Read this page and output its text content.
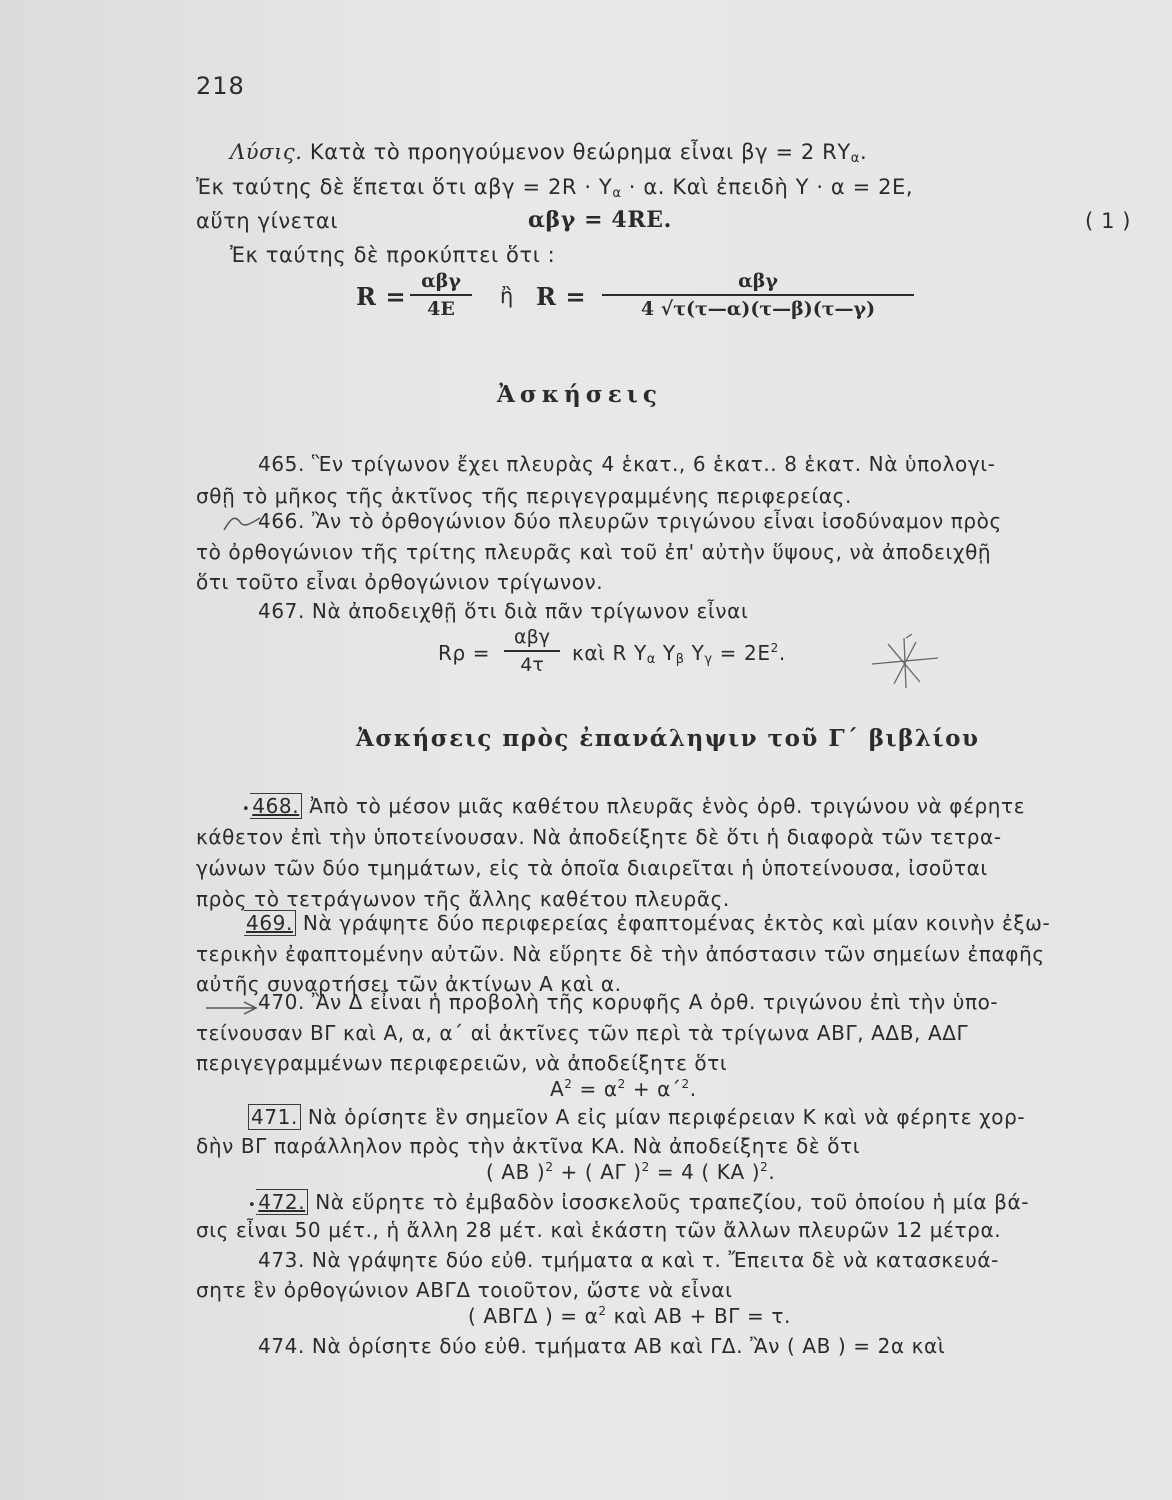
218
Λύσις. Κατὰ τὸ προηγούμενον θεώρημα εἶναι βγ = 2 $R\Upsilon_\alpha$.
Ἐκ ταύτης δὲ ἕπεται ὅτι $\alpha\beta\gamma = 2R \cdot \Upsilon_\alpha \cdot \alpha$. Καὶ ἐπειδὴ Υ · α = 2Ε,
αὕτη γίνεται	αβγ = 4RE.	( 1 )
Ἐκ ταύτης δὲ προκύπτει ὅτι :
R =
αβγ
4E
ἢ R =
αβγ
4 √τ(τ—α)(τ—β)(τ—γ)
Ἀσκήσεις
465. Ἓν τρίγωνον ἔχει πλευρὰς 4 ἑκατ., 6 ἑκατ.. 8 ἑκατ. Νὰ ὑπολογι-
σθῇ τὸ μῆκος τῆς ἀκτῖνος τῆς περιγεγραμμένης περιφερείας.
466. Ἂν τὸ ὀρθογώνιον δύο πλευρῶν τριγώνου εἶναι ἰσοδύναμον πρὸς
τὸ ὀρθογώνιον τῆς τρίτης πλευρᾶς καὶ τοῦ ἐπ' αὐτὴν ὕψους, νὰ ἀποδειχθῇ
ὅτι τοῦτο εἶναι ὀρθογώνιον τρίγωνον.
467. Νὰ ἀποδειχθῇ ὅτι διὰ πᾶν τρίγωνον εἶναι
Rρ =
αβγ
4τ	καὶ R $\Upsilon_\alpha$ $\Upsilon_\beta$ $\Upsilon_\gamma = 2E^2$.
Ἀσκήσεις πρὸς ἐπανάληψιν τοῦ Γ΄ βιβλίου
• 468. Ἀπὸ τὸ μέσον μιᾶς καθέτου πλευρᾶς ἑνὸς ὀρθ. τριγώνου νὰ φέρητε
κάθετον ἐπὶ τὴν ὑποτείνουσαν. Νὰ ἀποδείξητε δὲ ὅτι ἡ διαφορὰ τῶν τετρα-
γώνων τῶν δύο τμημάτων, εἰς τὰ ὁποῖα διαιρεῖται ἡ ὑποτείνουσα, ἰσοῦται
πρὸς τὸ τετράγωνον τῆς ἄλλης καθέτου πλευρᾶς.
469. Νὰ γράψητε δύο περιφερείας ἐφαπτομένας ἐκτὸς καὶ μίαν κοινὴν ἐξω-
τερικὴν ἐφαπτομένην αὐτῶν. Νὰ εὕρητε δὲ τὴν ἀπόστασιν τῶν σημείων ἐπαφῆς
αὐτῆς συναρτήσει τῶν ἀκτίνων Α καὶ α.
470. Ἂν Δ εἶναι ἡ προβολὴ τῆς κορυφῆς Α ὀρθ. τριγώνου ἐπὶ τὴν ὑπο-
τείνουσαν ΒΓ καὶ Α, α, α΄ αἱ ἀκτῖνες τῶν περὶ τὰ τρίγωνα ΑΒΓ, ΑΔΒ, ΑΔΓ
περιγεγραμμένων περιφερειῶν, νὰ ἀποδείξητε ὅτι
$A^2 = \alpha^2 + \alpha΄^2$.
471. Νὰ ὁρίσητε ἓν σημεῖον Α εἰς μίαν περιφέρειαν Κ καὶ νὰ φέρητε χορ-
δὴν ΒΓ παράλληλον πρὸς τὴν ἀκτῖνα ΚΑ. Νὰ ἀποδείξητε δὲ ὅτι
( ΑΒ )$^2$ + ( ΑΓ )$^2$ = 4 ( ΚΑ )$^2$.
• 472. Νὰ εὕρητε τὸ ἐμβαδὸν ἰσοσκελοῦς τραπεζίου, τοῦ ὁποίου ἡ μία βά-
σις εἶναι 50 μέτ., ἡ ἄλλη 28 μέτ. καὶ ἑκάστη τῶν ἄλλων πλευρῶν 12 μέτρα.
473. Νὰ γράψητε δύο εὐθ. τμήματα α καὶ τ. Ἔπειτα δὲ νὰ κατασκευά-
σητε ἓν ὀρθογώνιον ΑΒΓΔ τοιοῦτον, ὥστε νὰ εἶναι
( ΑΒΓΔ ) = $\alpha^2$ καὶ ΑΒ + ΒΓ = τ.
474. Νὰ ὁρίσητε δύο εὐθ. τμήματα ΑΒ καὶ ΓΔ. Ἂν ( ΑΒ ) = 2α καὶ
